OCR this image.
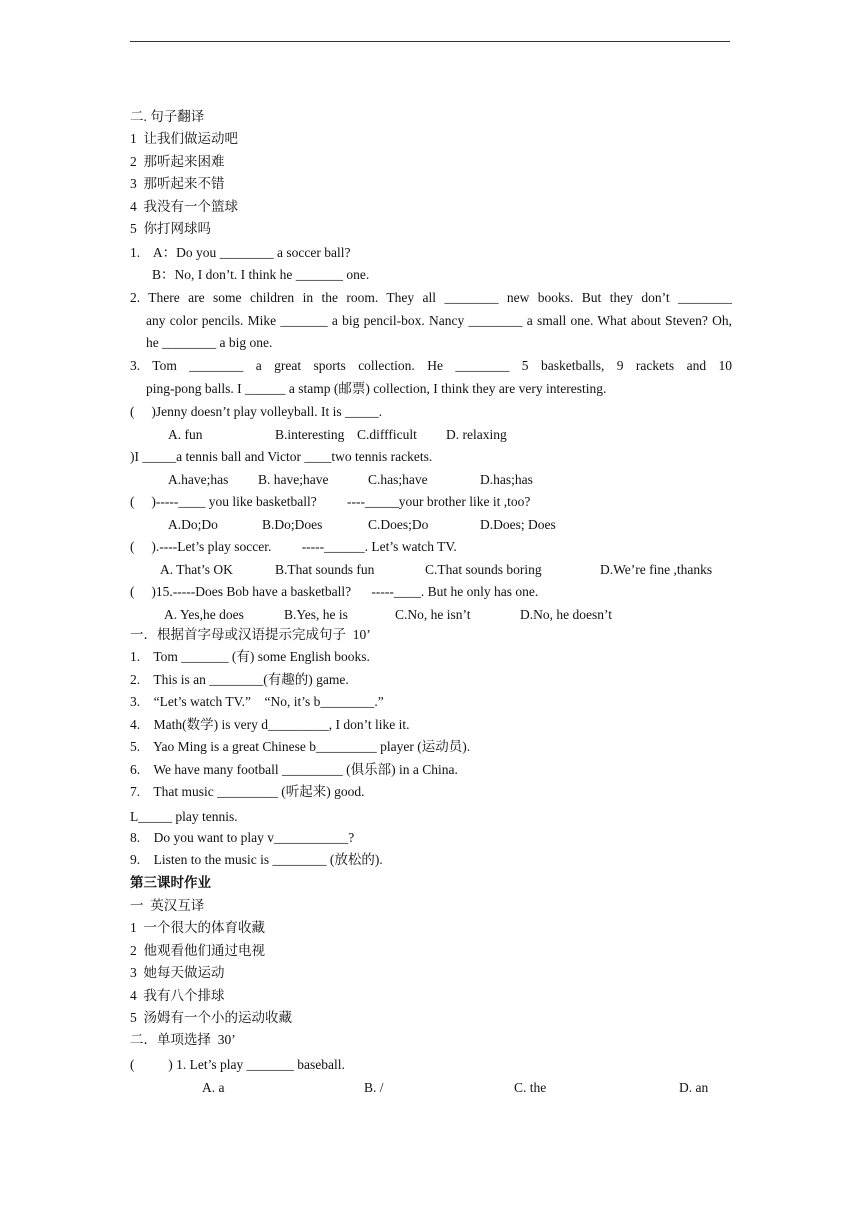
二. 句子翻译
1  让我们做运动吧
2  那听起来困难
3  那听起来不错
4  我没有一个篮球
5  你打网球吗
1.    A：Do you ________ a soccer ball?
B：No, I don’t. I think he _______ one.

2. There are some children in the room. They all ________ new books. But they don’t ________

any color pencils. Mike _______ a big pencil-box. Nancy ________ a small one. What about Steven? Oh, he ________ a big one.

3. Tom ________ a great sports collection. He ________ 5 basketballs, 9 rackets and 10

ping-pong balls. I ______ a stamp (邮票) collection, I think they are very interesting.

(     )Jenny doesn’t play volleyball. It is _____.
A. fun	B.interesting C.diffficult D. relaxing
)I _____a tennis ball and Victor ____two tennis rackets.
A.have;has B. have;have	C.has;have	D.has;has
(     )-----____ you like basketball?         ----_____your brother like it ,too?
A.Do;Do	B.Do;Does	C.Does;Do	D.Does; Does
(     ).----Let’s play soccer.         -----______. Let’s watch TV.
A. That’s OK	B.That sounds fun	C.That sounds boring	D.We’re fine ,thanks
(     )15.-----Does Bob have a basketball?      -----____. But he only has one.
A. Yes,he does	B.Yes, he is	C.No, he isn’t	D.No, he doesn’t
一．根据首字母或汉语提示完成句子  10’
1.    Tom _______ (有) some English books.
2.    This is an ________(有趣的) game.
3.    “Let’s watch TV.”    “No, it’s b________.”
4.    Math(数学) is very d_________, I don’t like it.
5.    Yao Ming is a great Chinese b_________ player (运动员).
6.    We have many football _________ (俱乐部) in a China.
7.    That music _________ (听起来) good.
L_____ play tennis.
8.    Do you want to play v___________?
9.    Listen to the music is ________ (放松的).
第三课时作业
一  英汉互译
1  一个很大的体育收藏
2  他观看他们通过电视
3  她每天做运动
4  我有八个排球
5  汤姆有一个小的运动收藏
二．单项选择  30’
(          ) 1. Let’s play _______ baseball.
A. a	B. /	C. the	D. an
